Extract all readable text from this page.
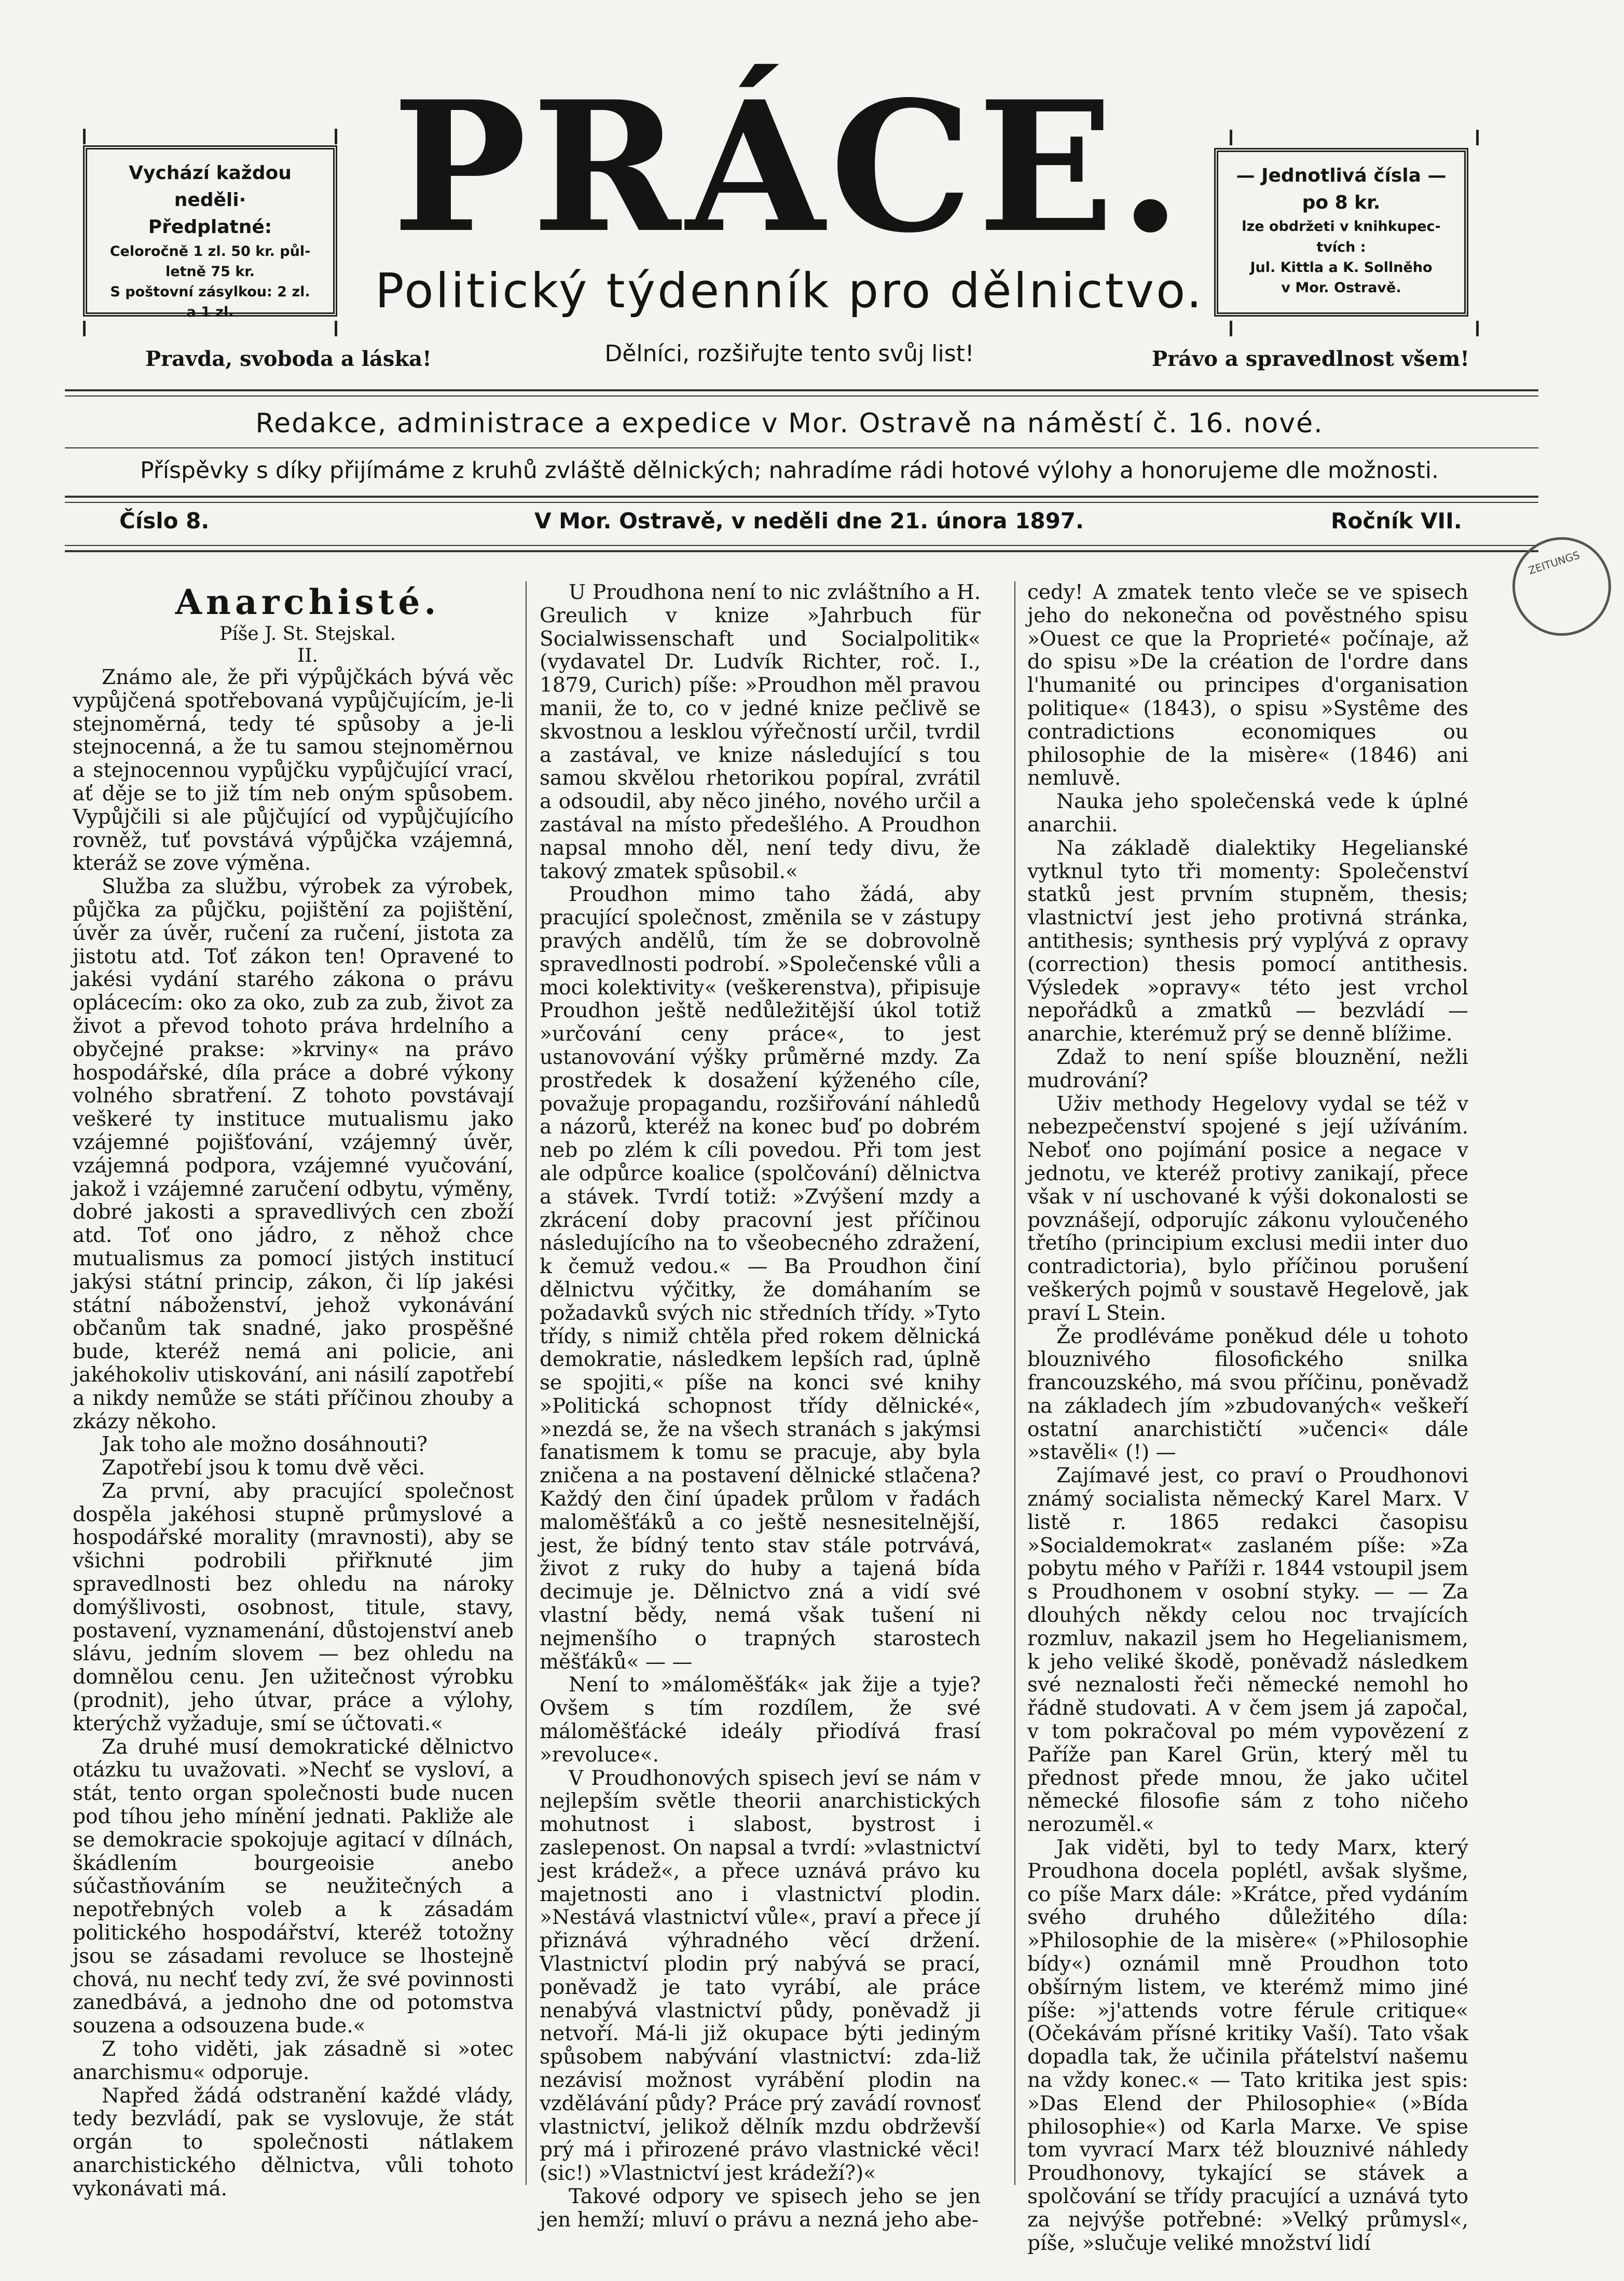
Vychází každou neděli·
Předplatné:
Celoročně 1 zl. 50 kr. půl-
letně 75 kr.
S poštovní zásylkou: 2 zl.
a 1 zl.
PRÁCE.
Politický týdenník pro dělnictvo.
— Jednotlivá čísla —
po 8 kr.
lze obdržeti v knihkupec-
tvích :
Jul. Kittla a K. Sollněho
v Mor. Ostravě.
Pravda, svoboda a láska!	Dělníci, rozšiřujte tento svůj list!	Právo a spravedlnost všem!
Redakce, administrace a expedice v Mor. Ostravě na náměstí č. 16. nové.
Příspěvky s díky přijímáme z kruhů zvláště dělnických; nahradíme rádi hotové výlohy a honorujeme dle možnosti.
Číslo 8.	V Mor. Ostravě, v neděli dne 21. února 1897.	Ročník VII.
ZEITUNGS

Anarchisté.

Píše J. St. Stejskal.

II.

Známo ale, že při výpůjčkách bývá věc vypůjčená spotřebovaná vypůjčujícím, je-li stejnoměrná, tedy té spůsoby a je-li stejnocenná, a že tu samou stejnoměrnou a stejnocennou vypůjčku vypůjčující vrací, ať děje se to již tím neb oným spůsobem. Vypůjčili si ale půjčující od vypůjčujícího rovněž, tuť povstává výpůjčka vzájemná, kteráž se zove výměna.

Služba za službu, výrobek za výrobek, půjčka za půjčku, pojištění za pojištění, úvěr za úvěr, ručení za ručení, jistota za jistotu atd. Toť zákon ten! Opravené to jakési vydání starého zákona o právu oplácecím: oko za oko, zub za zub, život za život a převod tohoto práva hrdelního a obyčejné prakse: »krviny« na právo hospodářské, díla práce a dobré výkony volného sbratření. Z tohoto povstávají veškeré ty instituce mutualismu jako vzájemné pojišťování, vzájemný úvěr, vzájemná podpora, vzájemné vyučování, jakož i vzájemné zaručení odbytu, výměny, dobré jakosti a spravedlivých cen zboží atd. Toť ono jádro, z něhož chce mutualismus za pomocí jistých institucí jakýsi státní princip, zákon, či líp jakési státní náboženství, jehož vykonávání občanům tak snadné, jako prospěšné bude, kteréž nemá ani policie, ani jakéhokoliv utiskování, ani násilí zapotřebí a nikdy nemůže se státi příčinou zhouby a zkázy někoho.

Jak toho ale možno dosáhnouti?

Zapotřebí jsou k tomu dvě věci.

Za první, aby pracující společnost dospěla jakéhosi stupně průmyslové a hospodářské morality (mravnosti), aby se všichni podrobili přiřknuté jim spravedlnosti bez ohledu na nároky domýšlivosti, osobnost, titule, stavy, postavení, vyznamenání, důstojenství aneb slávu, jedním slovem — bez ohledu na domnělou cenu. Jen užitečnost výrobku (prodnit), jeho útvar, práce a výlohy, kterýchž vyžaduje, smí se účtovati.«

Za druhé musí demokratické dělnictvo otázku tu uvažovati. »Nechť se vysloví, a stát, tento organ společnosti bude nucen pod tíhou jeho mínění jednati. Pakliže ale se demokracie spokojuje agitací v dílnách, škádlením bourgeoisie anebo súčastňováním se neužitečných a nepotřebných voleb a k zásadám politického hospodářství, kteréž totožny jsou se zásadami revoluce se lhostejně chová, nu nechť tedy zví, že své povinnosti zanedbává, a jednoho dne od potomstva souzena a odsouzena bude.«

Z toho viděti, jak zásadně si »otec anarchismu« odporuje.

Napřed žádá odstranění každé vlády, tedy bezvládí, pak se vyslovuje, že stát orgán to společnosti nátlakem anarchistického dělnictva, vůli tohoto vykonávati má.

U Proudhona není to nic zvláštního a H. Greulich v knize »Jahrbuch für Socialwissenschaft und Socialpolitik« (vydavatel Dr. Ludvík Richter, roč. I., 1879, Curich) píše: »Proudhon měl pravou manii, že to, co v jedné knize pečlivě se skvostnou a lesklou výřečností určil, tvrdil a zastával, ve knize následující s tou samou skvělou rhetorikou popíral, zvrátil a odsoudil, aby něco jiného, nového určil a zastával na místo předešlého. A Proudhon napsal mnoho děl, není tedy divu, že takový zmatek spůsobil.«

Proudhon mimo taho žádá, aby pracující společnost, změnila se v zástupy pravých andělů, tím že se dobrovolně spravedlnosti podrobí. »Společenské vůli a moci kolektivity« (veškerenstva), připisuje Proudhon ještě nedůležitější úkol totiž »určování ceny práce«, to jest ustanovování výšky průměrné mzdy. Za prostředek k dosažení kýženého cíle, považuje propagandu, rozšiřování náhledů a názorů, kteréž na konec buď po dobrém neb po zlém k cíli povedou. Při tom jest ale odpůrce koalice (spolčování) dělnictva a stávek. Tvrdí totiž: »Zvýšení mzdy a zkrácení doby pracovní jest příčinou následujícího na to všeobecného zdražení, k čemuž vedou.« — Ba Proudhon činí dělnictvu výčitky, že domáhaním se požadavků svých nic středních třídy. »Tyto třídy, s nimiž chtěla před rokem dělnická demokratie, následkem lepších rad, úplně se spojiti,« píše na konci své knihy »Politická schopnost třídy dělnické«, »nezdá se, že na všech stranách s jakýmsi fanatismem k tomu se pracuje, aby byla zničena a na postavení dělnické stlačena? Každý den činí úpadek průlom v řadách maloměšťáků a co ještě nesnesitelnější, jest, že bídný tento stav stále potrvává, život z ruky do huby a tajená bída decimuje je. Dělnictvo zná a vidí své vlastní bědy, nemá však tušení ni nejmenšího o trapných starostech měšťáků« — —

Není to »máloměšťák« jak žije a tyje? Ovšem s tím rozdílem, že své máloměšťácké ideály přiodívá frasí »revoluce«.

V Proudhonových spisech jeví se nám v nejlepším světle theorii anarchistických mohutnost i slabost, bystrost i zaslepenost. On napsal a tvrdí: »vlastnictví jest krádež«, a přece uznává právo ku majetnosti ano i vlastnictví plodin. »Nestává vlastnictví vůle«, praví a přece jí přiznává výhradného věcí držení. Vlastnictví plodin prý nabývá se prací, poněvadž je tato vyrábí, ale práce nenabývá vlastnictví půdy, poněvadž ji netvoří. Má-li již okupace býti jediným spůsobem nabývání vlastnictví: zda-liž nezávisí možnost vyrábění plodin na vzdělávání půdy? Práce prý zavádí rovnosť vlastnictví, jelikož dělník mzdu obdrževší prý má i přirozené právo vlastnické věci! (sic!) »Vlastnictví jest krádeží?)«

Takové odpory ve spisech jeho se jen jen hemží; mluví o právu a nezná jeho abe-

cedy! A zmatek tento vleče se ve spisech jeho do nekonečna od pověstného spisu »Ouest ce que la Proprieté« počínaje, až do spisu »De la création de l'ordre dans l'humanité ou principes d'organisation politique« (1843), o spisu »Systême des contradictions economiques ou philosophie de la misère« (1846) ani nemluvě.

Nauka jeho společenská vede k úplné anarchii.

Na základě dialektiky Hegelianské vytknul tyto tři momenty: Společenství statků jest prvním stupněm, thesis; vlastnictví jest jeho protivná stránka, antithesis; synthesis prý vyplývá z opravy (correction) thesis pomocí antithesis. Výsledek »opravy« této jest vrchol nepořádků a zmatků — bezvládí — anarchie, kterémuž prý se denně blížime.

Zdaž to není spíše blouznění, nežli mudrování?

Uživ methody Hegelovy vydal se též v nebezpečenství spojené s její užíváním. Neboť ono pojímání posice a negace v jednotu, ve kteréž protivy zanikají, přece však v ní uschované k výši dokonalosti se povznášejí, odporujíc zákonu vyloučeného třetího (principium exclusi medii inter duo contradictoria), bylo příčinou porušení veškerých pojmů v soustavě Hegelově, jak praví L Stein.

Že prodléváme poněkud déle u tohoto blouznivého filosofického snilka francouzského, má svou příčinu, poněvadž na základech jím »zbudovaných« veškeří ostatní anarchističtí »učenci« dále »stavěli« (!) —

Zajímavé jest, co praví o Proudhonovi známý socialista německý Karel Marx. V listě r. 1865 redakci časopisu »Socialdemokrat« zaslaném píše: »Za pobytu mého v Paříži r. 1844 vstoupil jsem s Proudhonem v osobní styky. — — Za dlouhých někdy celou noc trvajících rozmluv, nakazil jsem ho Hegelianismem, k jeho veliké škodě, poněvadž následkem své neznalosti řeči německé nemohl ho řádně studovati. A v čem jsem já započal, v tom pokračoval po mém vypovězení z Paříže pan Karel Grün, který měl tu přednost přede mnou, že jako učitel německé filosofie sám z toho ničeho nerozuměl.«

Jak viděti, byl to tedy Marx, který Proudhona docela poplétl, avšak slyšme, co píše Marx dále: »Krátce, před vydáním svého druhého důležitého díla: »Philosophie de la misère« (»Philosophie bídy«) oznámil mně Proudhon toto obšírným listem, ve kterémž mimo jiné píše: »j'attends votre férule critique« (Očekávám přísné kritiky Vaší). Tato však dopadla tak, že učinila přátelství našemu na vždy konec.« — Tato kritika jest spis: »Das Elend der Philosophie« (»Bída philosophie«) od Karla Marxe. Ve spise tom vyvrací Marx též blouznivé náhledy Proudhonovy, tykající se stávek a spolčování se třídy pracující a uznává tyto za nejvýše potřebné: »Velký průmysl«, píše, »slučuje veliké množství lidí
